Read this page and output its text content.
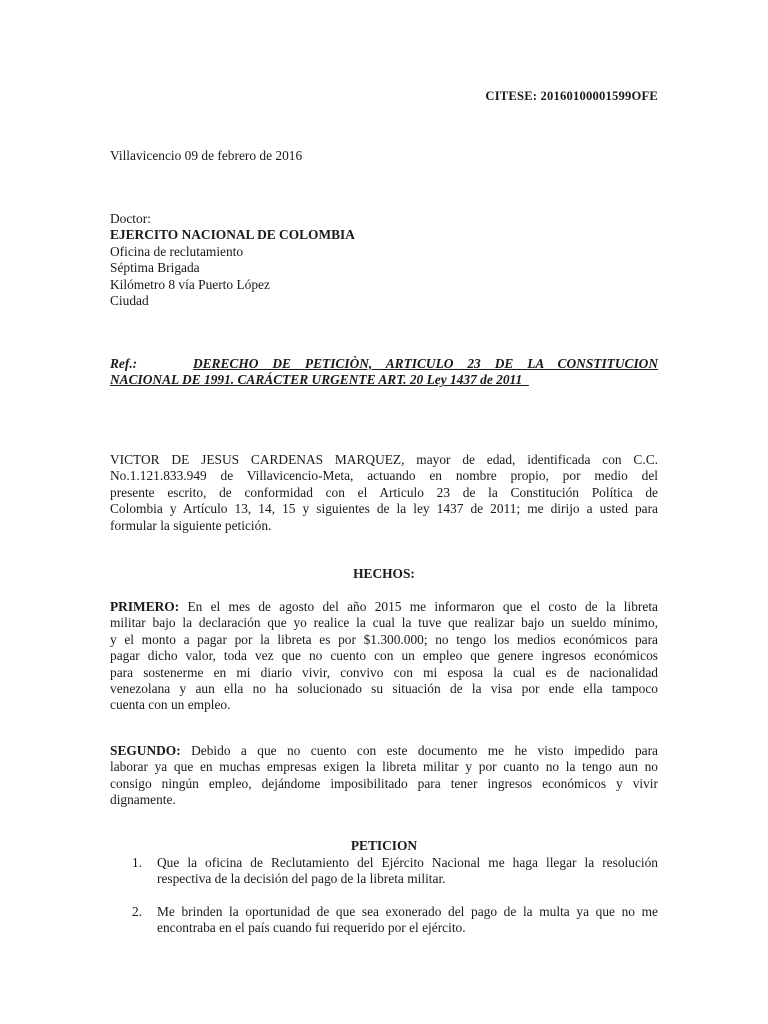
CITESE: 20160100001599OFE
Villavicencio 09 de febrero de 2016
Doctor:
EJERCITO NACIONAL DE COLOMBIA
Oficina de reclutamiento
Séptima Brigada
Kilómetro 8 vía Puerto López
Ciudad
Ref.:	DERECHO DE PETICIÒN, ARTICULO 23 DE LA CONSTITUCION
NACIONAL DE 1991. CARÁCTER URGENTE ART. 20 Ley 1437 de 2011
VICTOR DE JESUS CARDENAS MARQUEZ, mayor de edad, identificada con C.C.
No.1.121.833.949 de Villavicencio-Meta, actuando en nombre propio, por medio del
presente escrito, de conformidad con el Articulo 23 de la Constitución Política de
Colombia y Artículo 13, 14, 15 y siguientes de la ley 1437 de 2011; me dirijo a usted para
formular la siguiente petición.
HECHOS:
PRIMERO: En el mes de agosto del año 2015 me informaron que el costo de la libreta
militar bajo la declaración que yo realice la cual la tuve que realizar bajo un sueldo mínimo,
y el monto a pagar por la libreta es por $1.300.000; no tengo los medios económicos para
pagar dicho valor, toda vez que no cuento con un empleo que genere ingresos económicos
para sostenerme en mi diario vivir, convivo con mi esposa la cual es de nacionalidad
venezolana y aun ella no ha solucionado su situación de la visa por ende ella tampoco
cuenta con un empleo.
SEGUNDO: Debido a que no cuento con este documento me he visto impedido para
laborar ya que en muchas empresas exigen la libreta militar y por cuanto no la tengo aun no
consigo ningún empleo, dejándome imposibilitado para tener ingresos económicos y vivir
dignamente.
PETICION
1. Que la oficina de Reclutamiento del Ejército Nacional me haga llegar la resolución
respectiva de la decisión del pago de la libreta militar.
2. Me brinden la oportunidad de que sea exonerado del pago de la multa ya que no me
encontraba en el país cuando fui requerido por el ejército.
